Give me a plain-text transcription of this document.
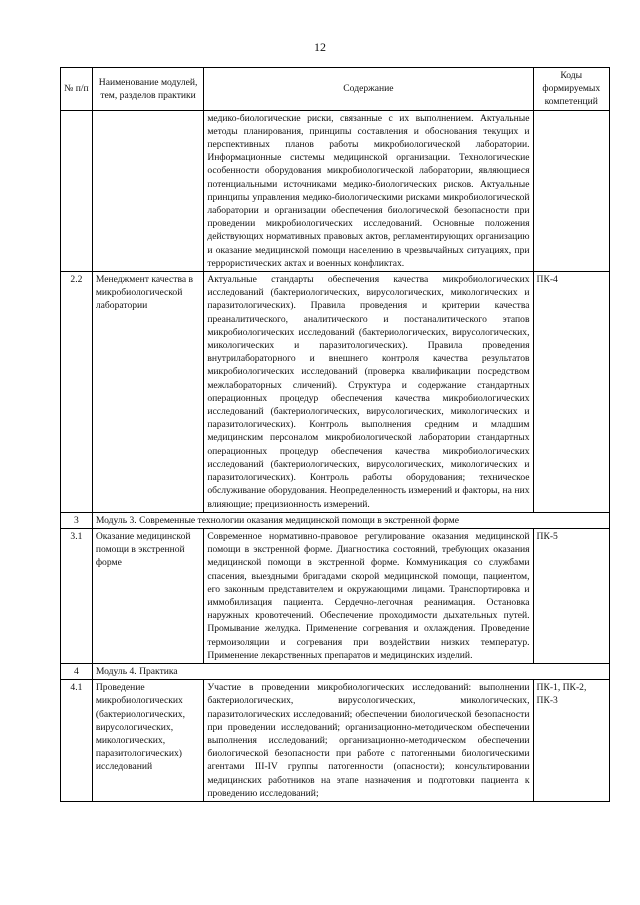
12
№ п/п	Наименование модулей, тем, разделов практики	Содержание	Коды формируемых компетенций
		медико-биологические риски, связанные с их выполнением. Актуальные методы планирования, принципы составления и обоснования текущих и перспективных планов работы микробиологической лаборатории. Информационные системы медицинской организации. Технологические особенности оборудования микробиологической лаборатории, являющиеся потенциальными источниками медико-биологических рисков. Актуальные принципы управления медико-биологическими рисками микробиологической лаборатории и организации обеспечения биологической безопасности при проведении микробиологических исследований. Основные положения действующих нормативных правовых актов, регламентирующих организацию и оказание медицинской помощи населению в чрезвычайных ситуациях, при террористических актах и военных конфликтах.	
2.2	Менеджмент качества в микробиологической лаборатории	Актуальные стандарты обеспечения качества микробиологических исследований (бактериологических, вирусологических, микологических и паразитологических). Правила проведения и критерии качества преаналитического, аналитического и постаналитического этапов микробиологических исследований (бактериологических, вирусологических, микологических и паразитологических). Правила проведения внутрилабораторного и внешнего контроля качества результатов микробиологических исследований (проверка квалификации посредством межлабораторных сличений). Структура и содержание стандартных операционных процедур обеспечения качества микробиологических исследований (бактериологических, вирусологических, микологических и паразитологических). Контроль выполнения средним и младшим медицинским персоналом микробиологической лаборатории стандартных операционных процедур обеспечения качества микробиологических исследований (бактериологических, вирусологических, микологических и паразитологических). Контроль работы оборудования; техническое обслуживание оборудования. Неопределенность измерений и факторы, на них влияющие; прецизионность измерений.	ПК-4
3	Модуль 3. Современные технологии оказания медицинской помощи в экстренной форме		
3.1	Оказание медицинской помощи в экстренной форме	Современное нормативно-правовое регулирование оказания медицинской помощи в экстренной форме. Диагностика состояний, требующих оказания медицинской помощи в экстренной форме. Коммуникация со службами спасения, выездными бригадами скорой медицинской помощи, пациентом, его законным представителем и окружающими лицами. Транспортировка и иммобилизация пациента. Сердечно-легочная реанимация. Остановка наружных кровотечений. Обеспечение проходимости дыхательных путей. Промывание желудка. Применение согревания и охлаждения. Проведение термоизоляции и согревания при воздействии низких температур. Применение лекарственных препаратов и медицинских изделий.	ПК-5
4	Модуль 4. Практика		
4.1	Проведение микробиологических (бактериологических, вирусологических, микологических, паразитологических) исследований	Участие в проведении микробиологических исследований: выполнении бактериологических, вирусологических, микологических, паразитологических исследований; обеспечении биологической безопасности при проведении исследований; организационно-методическом обеспечении выполнения исследований; организационно-методическом обеспечении биологической безопасности при работе с патогенными биологическими агентами III-IV группы патогенности (опасности); консультировании медицинских работников на этапе назначения и подготовки пациента к проведению исследований;	ПК-1, ПК-2, ПК-3
